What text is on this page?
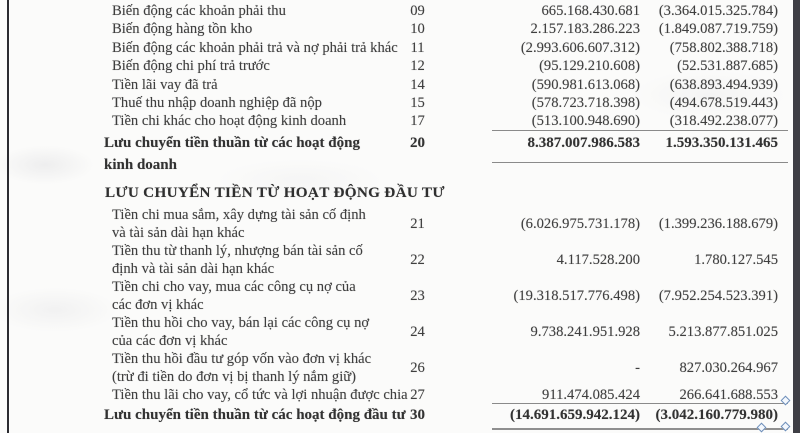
Biến động các khoản phải thu	09	665.168.430.681	(3.364.015.325.784)
Biến động hàng tồn kho	10	2.157.183.286.223	(1.849.087.719.759)
Biến động các khoản phải trả và nợ phải trả khác 11	(2.993.606.607.312)	(758.802.388.718)
Biến động chi phí trả trước	12	(95.129.210.608)	(52.531.887.685)
Tiền lãi vay đã trả	14	(590.981.613.068)	(638.893.494.939)
Thuế thu nhập doanh nghiệp đã nộp	15	(578.723.718.398)	(494.678.519.443)
Tiền chi khác cho hoạt động kinh doanh	17	(513.100.948.690)	(318.492.238.077)
Lưu chuyển tiền thuần từ các hoạt động
kinh doanh
20	8.387.007.986.583	1.593.350.131.465
LƯU CHUYỂN TIỀN TỪ HOẠT ĐỘNG ĐẦU TƯ
Tiền chi mua sắm, xây dựng tài sản cố định
và tài sản dài hạn khác
21	(6.026.975.731.178)	(1.399.236.188.679)
Tiền thu từ thanh lý, nhượng bán tài sản cố
định và tài sản dài hạn khác
22	4.117.528.200	1.780.127.545
Tiền chi cho vay, mua các công cụ nợ của
các đơn vị khác
23	(19.318.517.776.498)	(7.952.254.523.391)
Tiền thu hồi cho vay, bán lại các công cụ nợ
của các đơn vị khác
24	9.738.241.951.928	5.213.877.851.025
Tiền thu hồi đầu tư góp vốn vào đơn vị khác
(trừ đi tiền do đơn vị bị thanh lý nắm giữ)
26	-	827.030.264.967
Tiền thu lãi cho vay, cổ tức và lợi nhuận được chia 27	911.474.085.424	266.641.688.553
Lưu chuyển tiền thuần từ các hoạt động đầu tư 30	(14.691.659.942.124)	(3.042.160.779.980)
